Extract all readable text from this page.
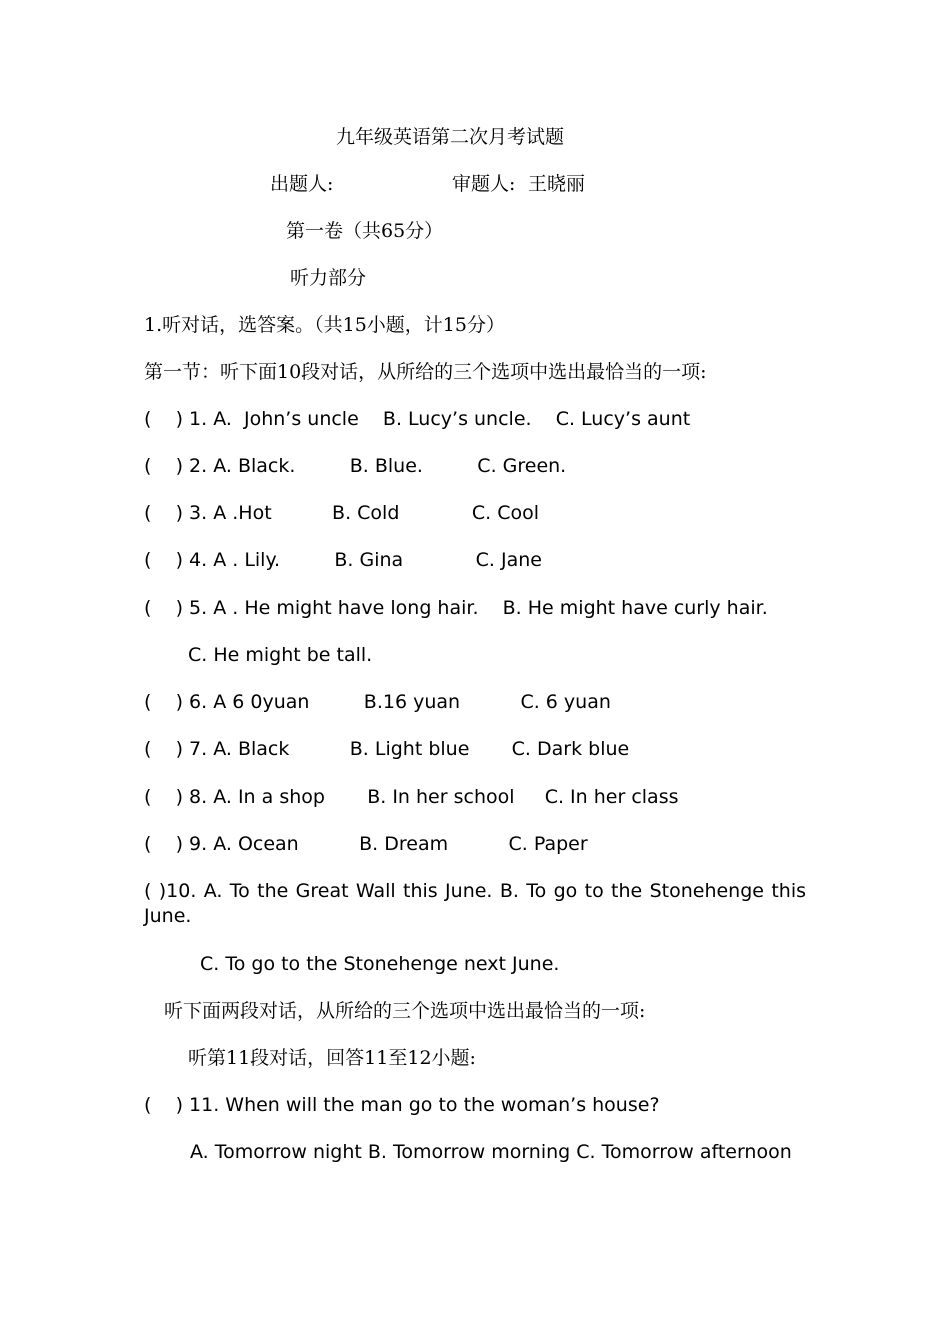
九年级英语第二次月考试题
出题人:	审题人: 王晓丽
第一卷（共65分）
听力部分
1.听对话，选答案。（共15小题，计15分）
第一节：听下面10段对话，从所给的三个选项中选出最恰当的一项:
(    ) 1. A.  John’s uncle    B. Lucy’s uncle.    C. Lucy’s aunt
(    ) 2. A. Black.         B. Blue.         C. Green.
(    ) 3. A .Hot          B. Cold            C. Cool
(    ) 4. A . Lily.         B. Gina            C. Jane
(    ) 5. A . He might have long hair.    B. He might have curly hair.
C. He might be tall.
(    ) 6. A 6 0yuan         B.16 yuan          C. 6 yuan
(    ) 7. A. Black          B. Light blue       C. Dark blue
(    ) 8. A. In a shop       B. In her school     C. In her class
(    ) 9. A. Ocean          B. Dream          C. Paper
( )10. A. To the Great Wall this June. B. To go to the Stonehenge this June.
C. To go to the Stonehenge next June.
听下面两段对话，从所给的三个选项中选出最恰当的一项:
听第11段对话，回答11至12小题:
(    ) 11. When will the man go to the woman’s house?
A. Tomorrow night B. Tomorrow morning C. Tomorrow afternoon
